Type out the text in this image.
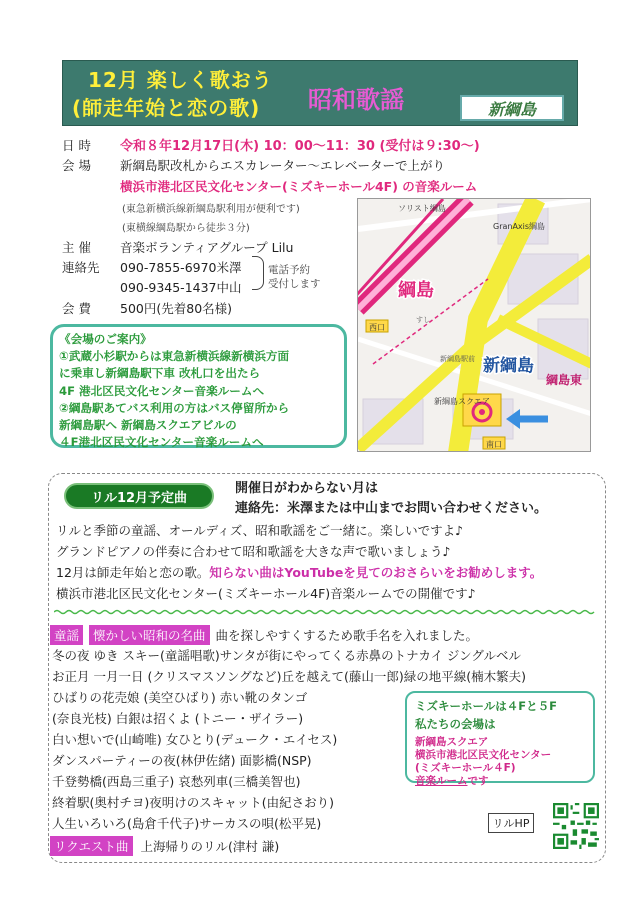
12月 楽しく歌おう
(師走年始と恋の歌) 昭和歌謡	新綱島
日 時 令和８年12月17日(木) 10：00～11：30 (受付は９:30～)
会 場 新綱島駅改札からエスカレーター～エレベーターで上がり
横浜市港北区民文化センター(ミズキーホール4F) の音楽ルーム
(東急新横浜線新綱島駅利用が便利です)
(東横線綱島駅から徒歩３分)
主 催 音楽ボランティアグループ Lilu
連絡先 090-7855-6970米澤
090-9345-1437中山
電話予約
受付します
会 費 500円(先着80名様)
《会場のご案内》
①武蔵小杉駅からは東急新横浜線新横浜方面
に乗車し新綱島駅下車 改札口を出たら
4F 港北区民文化センター音楽ルームへ
②綱島駅あてバス利用の方はバス停留所から
新綱島駅へ 新綱島スクエアビルの
４F港北区民文化センター音楽ルームへ
ソリスト綱島
GranAxis綱島
綱島
新綱島
綱島東
新綱島スクエア
新綱島駅前
西口
南口
すし
リル12月予定曲
開催日がわからない月は
連絡先：米澤または中山までお問い合わせください。
リルと季節の童謡、オールディズ、昭和歌謡をご一緒に。楽しいですよ♪
グランドピアノの伴奏に合わせて昭和歌謡を大きな声で歌いましょう♪
12月は師走年始と恋の歌。知らない曲はYouTubeを見てのおさらいをお勧めします。
横浜市港北区民文化センター(ミズキーホール4F)音楽ルームでの開催です♪
童謡	懐かしい昭和の名曲 曲を探しやすくするため歌手名を入れました。
冬の夜 ゆき スキー(童謡唱歌)サンタが街にやってくる赤鼻のトナカイ ジングルベル
お正月 一月一日 (クリスマスソングなど)丘を越えて(藤山一郎)緑の地平線(楠木繁夫)
ひばりの花売娘 (美空ひばり) 赤い靴のタンゴ
(奈良光枝) 白銀は招くよ (トニー・ザイラー)
白い想いで(山崎唯) 女ひとり(デューク・エイセス)
ダンスパーティーの夜(林伊佐緒) 面影橋(NSP)
千登勢橋(西島三重子) 哀愁列車(三橋美智也)
終着駅(奥村チヨ)夜明けのスキャット(由紀さおり)
人生いろいろ(島倉千代子)サーカスの唄(松平晃)
リクエスト曲 上海帰りのリル(津村 謙)
ミズキーホールは４Fと５F
私たちの会場は
新綱島スクエア
横浜市港北区民文化センター
(ミズキーホール４F)
音楽ルームです
リルHP
